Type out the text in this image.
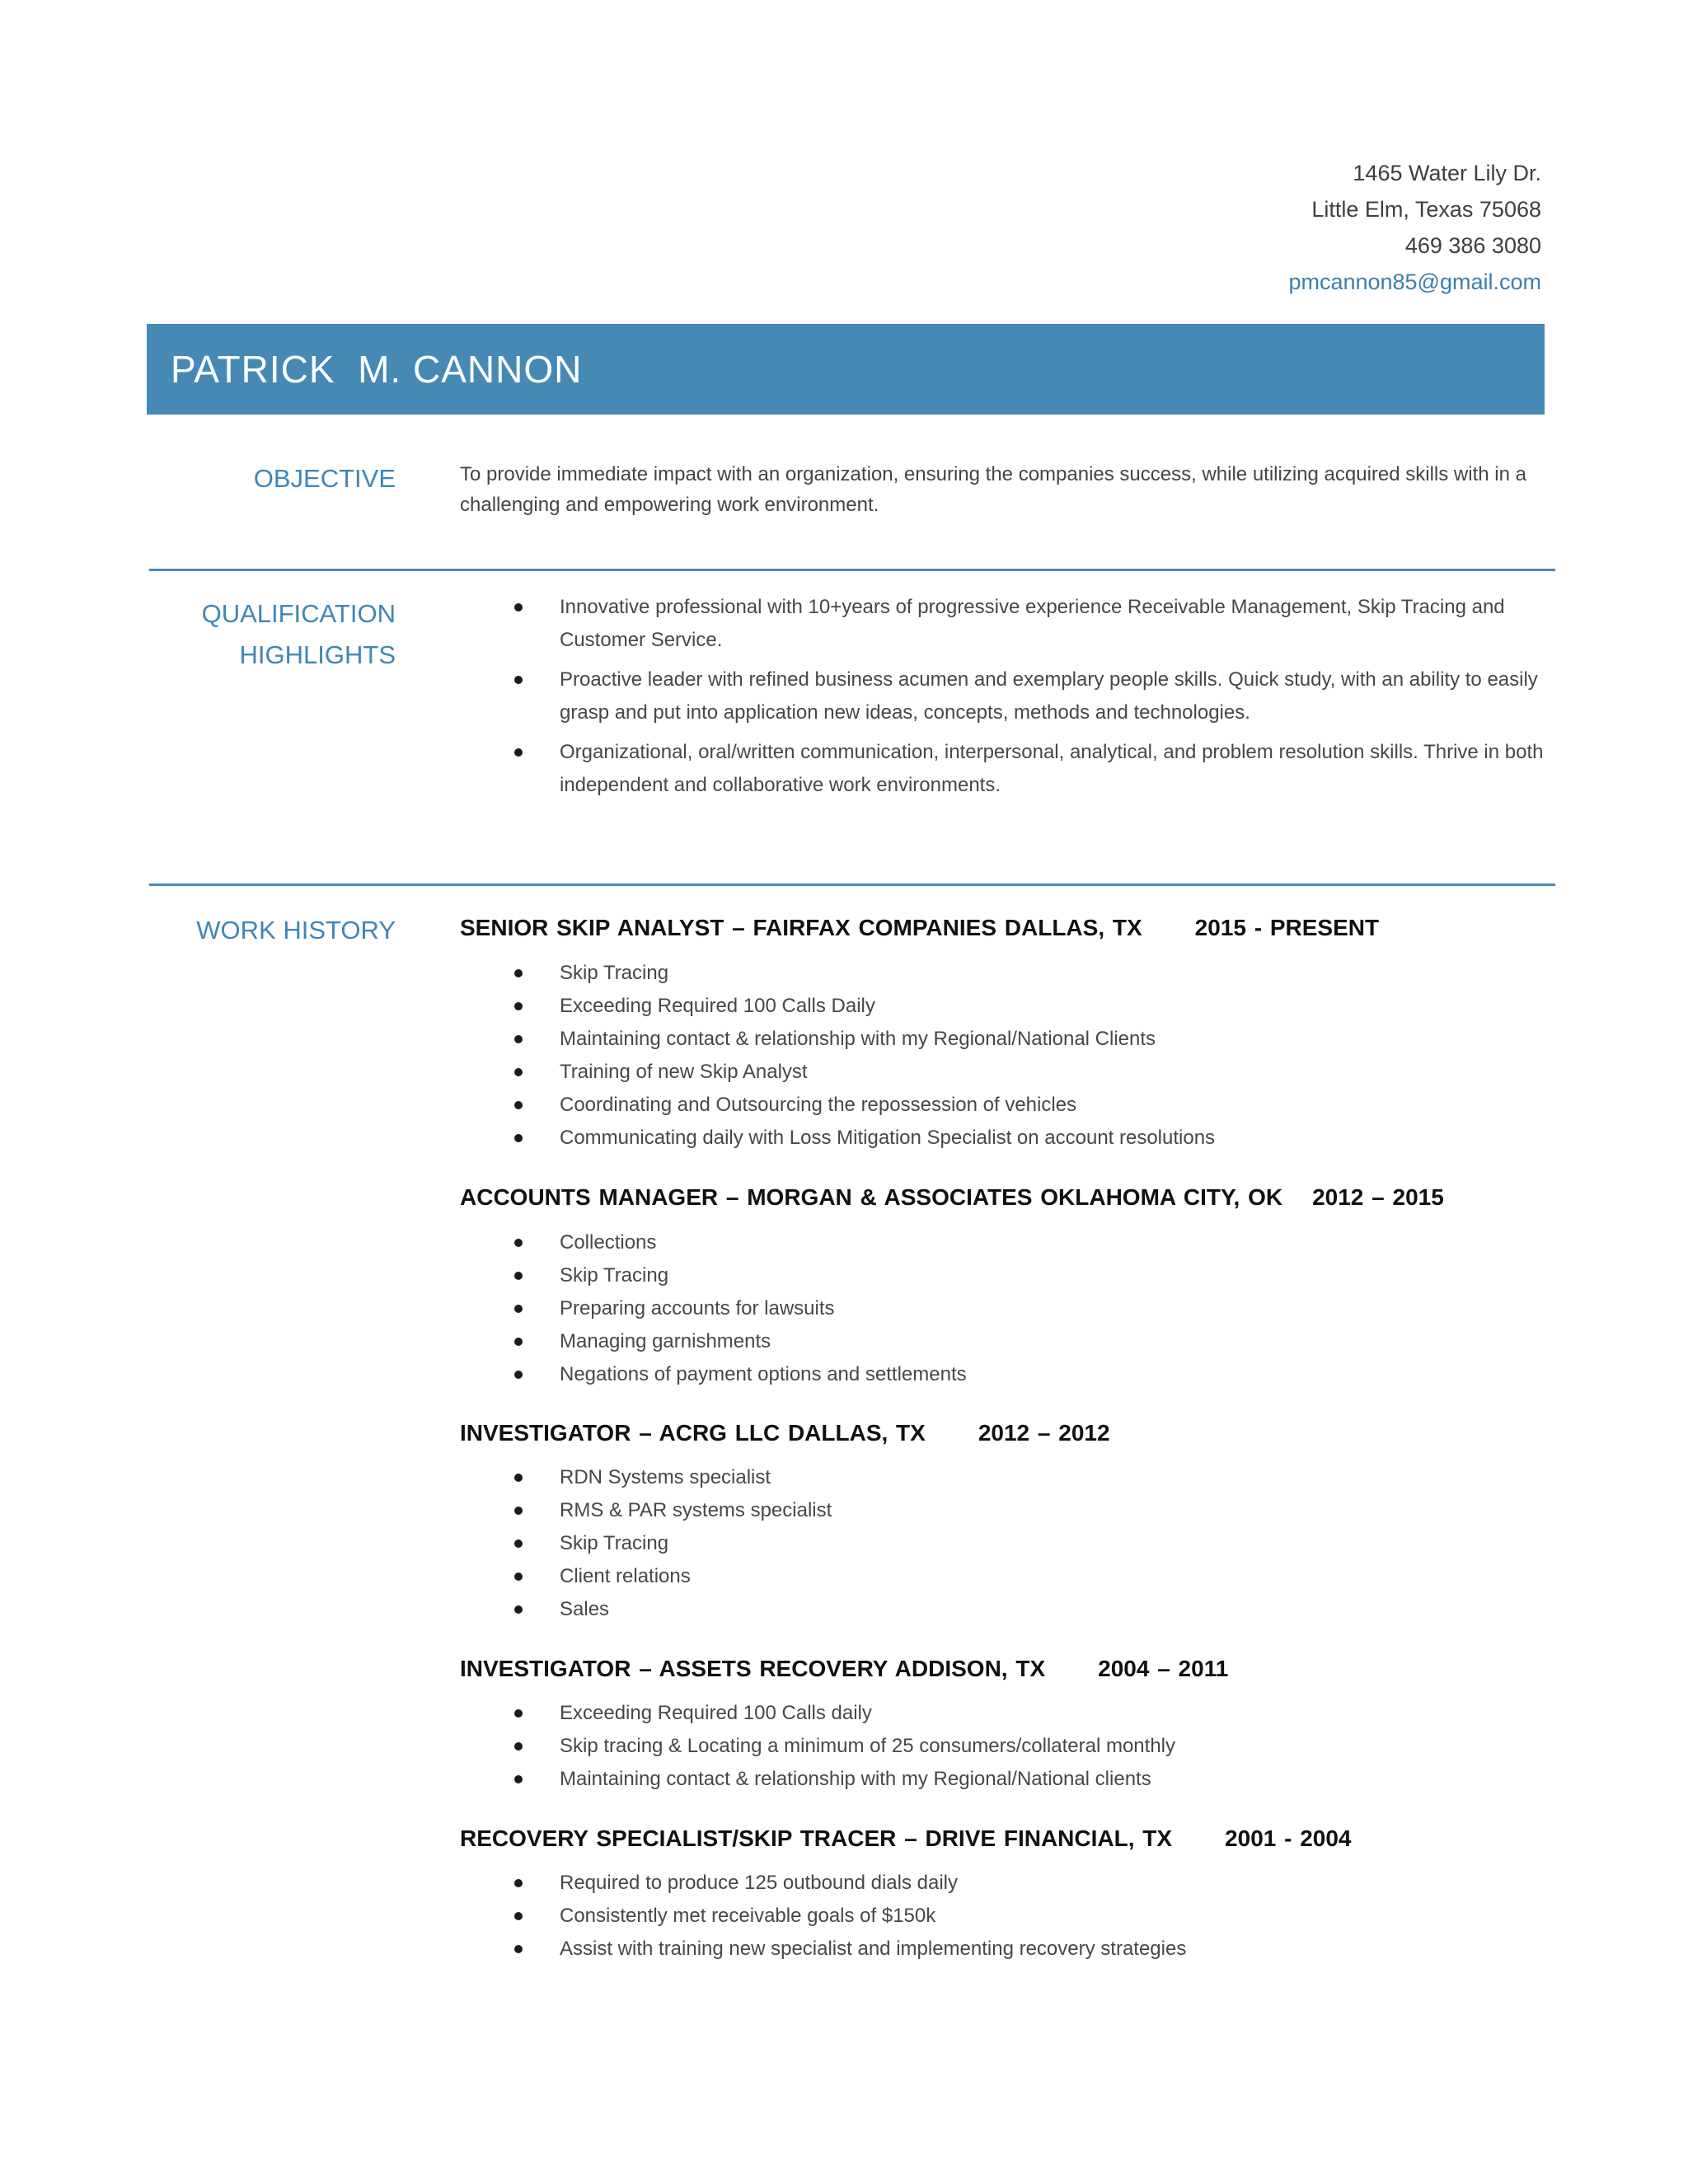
1465 Water Lily Dr.
Little Elm, Texas 75068
469 386 3080
pmcannon85@gmail.com
PATRICK  M. CANNON
OBJECTIVE	To provide immediate impact with an organization, ensuring the companies success, while utilizing acquired skills with in a challenging and empowering work environment.
QUALIFICATION
HIGHLIGHTS
Innovative professional with 10+years of progressive experience Receivable Management, Skip Tracing and Customer Service.
Proactive leader with refined business acumen and exemplary people skills. Quick study, with an ability to easily grasp and put into application new ideas, concepts, methods and technologies.
Organizational, oral/written communication, interpersonal, analytical, and problem resolution skills. Thrive in both independent and collaborative work environments.
WORK HISTORY	SENIOR SKIP ANALYST – FAIRFAX COMPANIES DALLAS, TX 2015 - PRESENT
Skip Tracing
Exceeding Required 100 Calls Daily
Maintaining contact & relationship with my Regional/National Clients
Training of new Skip Analyst
Coordinating and Outsourcing the repossession of vehicles
Communicating daily with Loss Mitigation Specialist on account resolutions
ACCOUNTS MANAGER – MORGAN & ASSOCIATES OKLAHOMA CITY, OK 2012 – 2015
Collections
Skip Tracing
Preparing accounts for lawsuits
Managing garnishments
Negations of payment options and settlements
INVESTIGATOR – ACRG LLC DALLAS, TX 2012 – 2012
RDN Systems specialist
RMS & PAR systems specialist
Skip Tracing
Client relations
Sales
INVESTIGATOR – ASSETS RECOVERY ADDISON, TX 2004 – 2011
Exceeding Required 100 Calls daily
Skip tracing & Locating a minimum of 25 consumers/collateral monthly
Maintaining contact & relationship with my Regional/National clients
RECOVERY SPECIALIST/SKIP TRACER – DRIVE FINANCIAL, TX 2001 - 2004
Required to produce 125 outbound dials daily
Consistently met receivable goals of $150k
Assist with training new specialist and implementing recovery strategies
